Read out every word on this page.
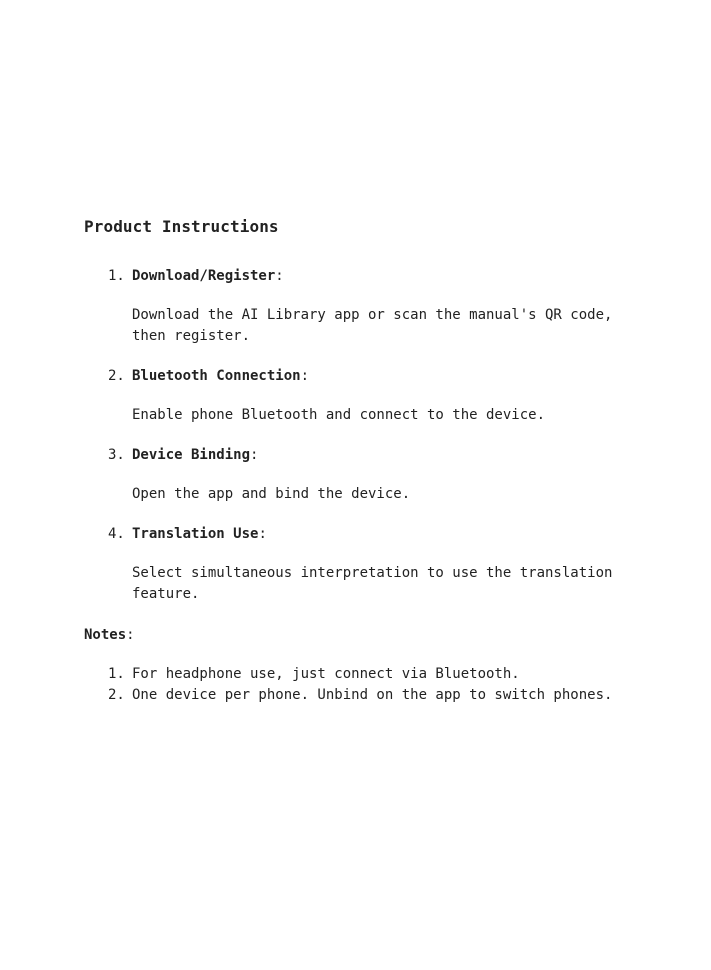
Product Instructions
1. Download/Register:
Download the AI Library app or scan the manual's QR code, then register.
2. Bluetooth Connection:
Enable phone Bluetooth and connect to the device.
3. Device Binding:
Open the app and bind the device.
4. Translation Use:
Select simultaneous interpretation to use the translation feature.
Notes:
1. For headphone use, just connect via Bluetooth.
2. One device per phone. Unbind on the app to switch phones.
